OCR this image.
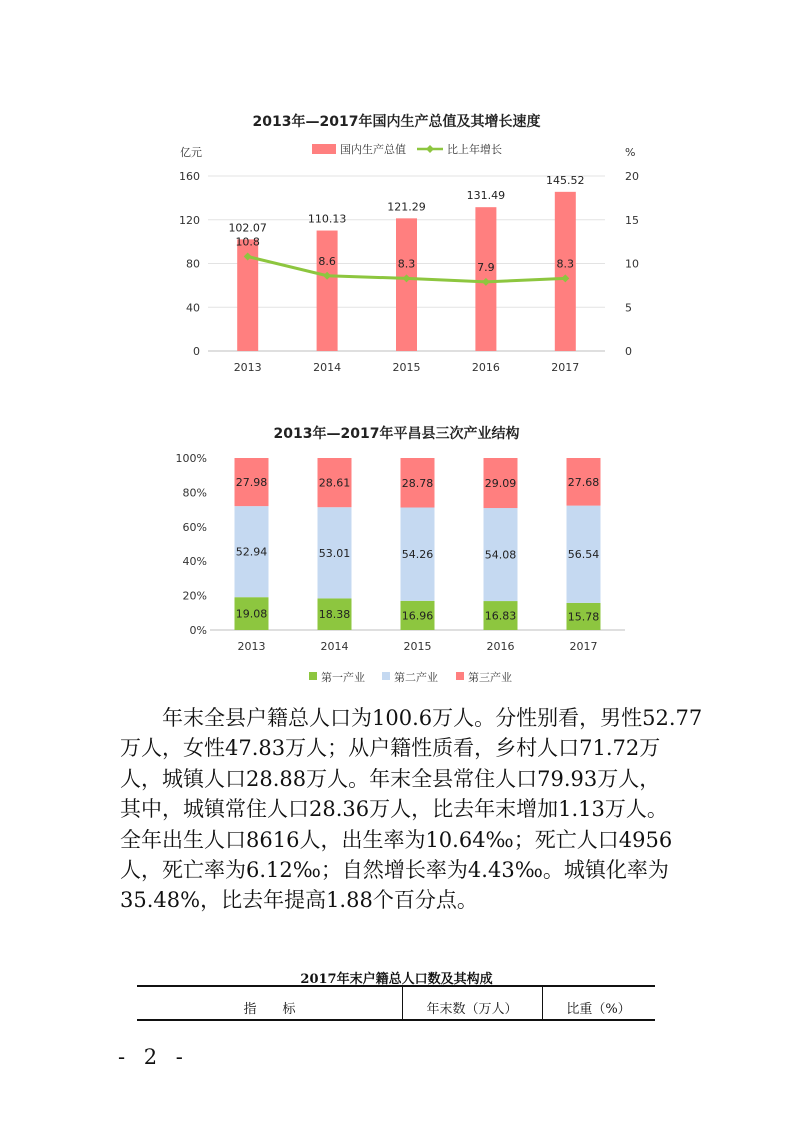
2013年—2017年国内生产总值及其增长速度
国内生产总值	比上年增长
亿元	%
0
40
80
120
160
0
5
10
15
20
102.07
2013
110.13
2014
121.29
2015
131.49
2016
145.52
2017
10.8
8.6	8.3	7.9	8.3
2013年—2017年平昌县三次产业结构
0%
20%
40%
60%
80%
100%
19.08
52.94
27.98
2013
18.38
53.01
28.61
2014
16.96
54.26
28.78
2015
16.83
54.08
29.09
2016
15.78
56.54
27.68
2017
第一产业	第二产业	第三产业
年末全县户籍总人口为100.6万人。分性别看，男性52.77
万人，女性47.83万人；从户籍性质看，乡村人口71.72万
人，城镇人口28.88万人。年末全县常住人口79.93万人，
其中，城镇常住人口28.36万人，比去年末增加1.13万人。
全年出生人口8616人，出生率为10.64‰；死亡人口4956
人，死亡率为6.12‰；自然增长率为4.43‰。城镇化率为
35.48%，比去年提高1.88个百分点。
2017年末户籍总人口数及其构成
指　　标	年末数（万人）	比重（%）
- 2 -
